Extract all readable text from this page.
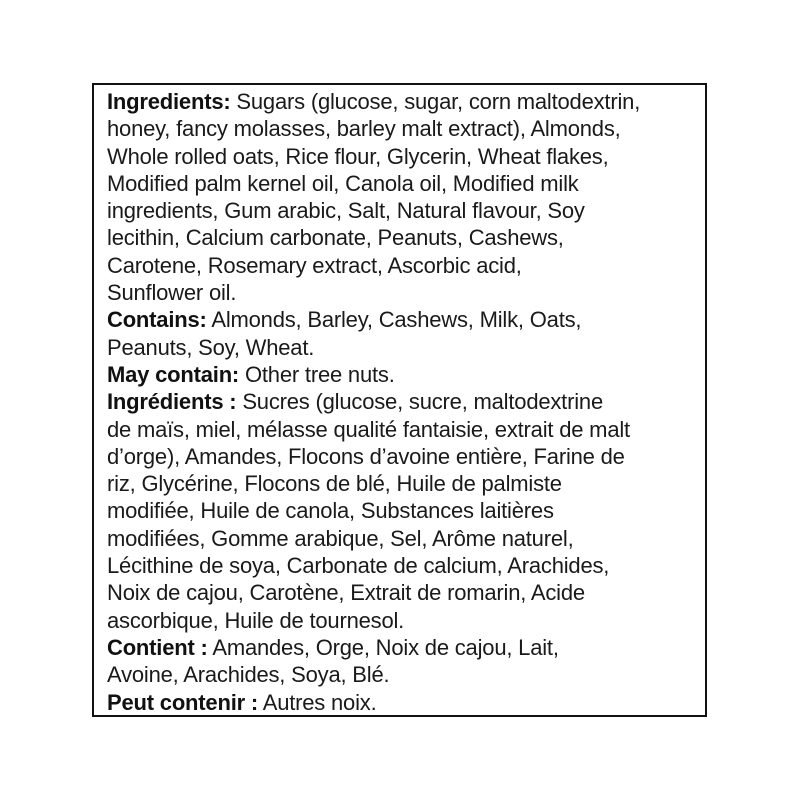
Ingredients: Sugars (glucose, sugar, corn maltodextrin,
honey, fancy molasses, barley malt extract), Almonds,
Whole rolled oats, Rice flour, Glycerin, Wheat flakes,
Modified palm kernel oil, Canola oil, Modified milk
ingredients, Gum arabic, Salt, Natural flavour, Soy
lecithin, Calcium carbonate, Peanuts, Cashews,
Carotene, Rosemary extract, Ascorbic acid,
Sunflower oil.
Contains: Almonds, Barley, Cashews, Milk, Oats,
Peanuts, Soy, Wheat.
May contain: Other tree nuts.
Ingrédients : Sucres (glucose, sucre, maltodextrine
de maïs, miel, mélasse qualité fantaisie, extrait de malt
d’orge), Amandes, Flocons d’avoine entière, Farine de
riz, Glycérine, Flocons de blé, Huile de palmiste
modifiée, Huile de canola, Substances laitières
modifiées, Gomme arabique, Sel, Arôme naturel,
Lécithine de soya, Carbonate de calcium, Arachides,
Noix de cajou, Carotène, Extrait de romarin, Acide
ascorbique, Huile de tournesol.
Contient : Amandes, Orge, Noix de cajou, Lait,
Avoine, Arachides, Soya, Blé.
Peut contenir : Autres noix.
